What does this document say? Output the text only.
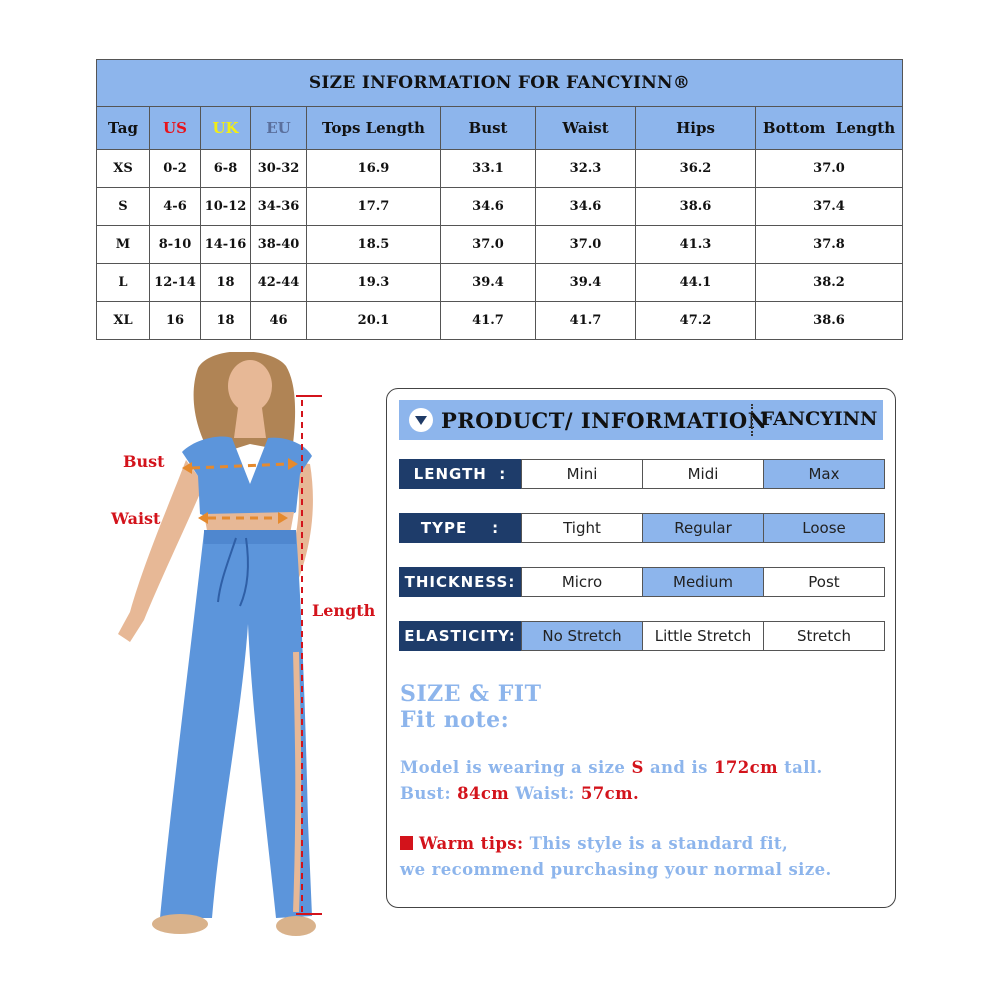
SIZE INFORMATION FOR FANCYINN®								
Tag	US	UK	EU	Tops Length	Bust	Waist	Hips	Bottom  Length
XS	0-2	6-8	30-32	16.9	33.1	32.3	36.2	37.0
S	4-6	10-12	34-36	17.7	34.6	34.6	38.6	37.4
M	8-10	14-16	38-40	18.5	37.0	37.0	41.3	37.8
L	12-14	18	42-44	19.3	39.4	39.4	44.1	38.2
XL	16	18	46	20.1	41.7	41.7	47.2	38.6
Bust
Waist
Length
PRODUCT/ INFORMATION
FANCYINN
LENGTH  :	Mini	Midi	Max
TYPE    :	Tight	Regular	Loose
THICKNESS:	Micro	Medium	Post
ELASTICITY:	No Stretch	Little Stretch	Stretch
SIZE & FIT
Fit note:
Model is wearing a size S and is 172cm tall.
Bust: 84cm Waist: 57cm.
Warm tips: This style is a standard fit,
we recommend purchasing your normal size.
